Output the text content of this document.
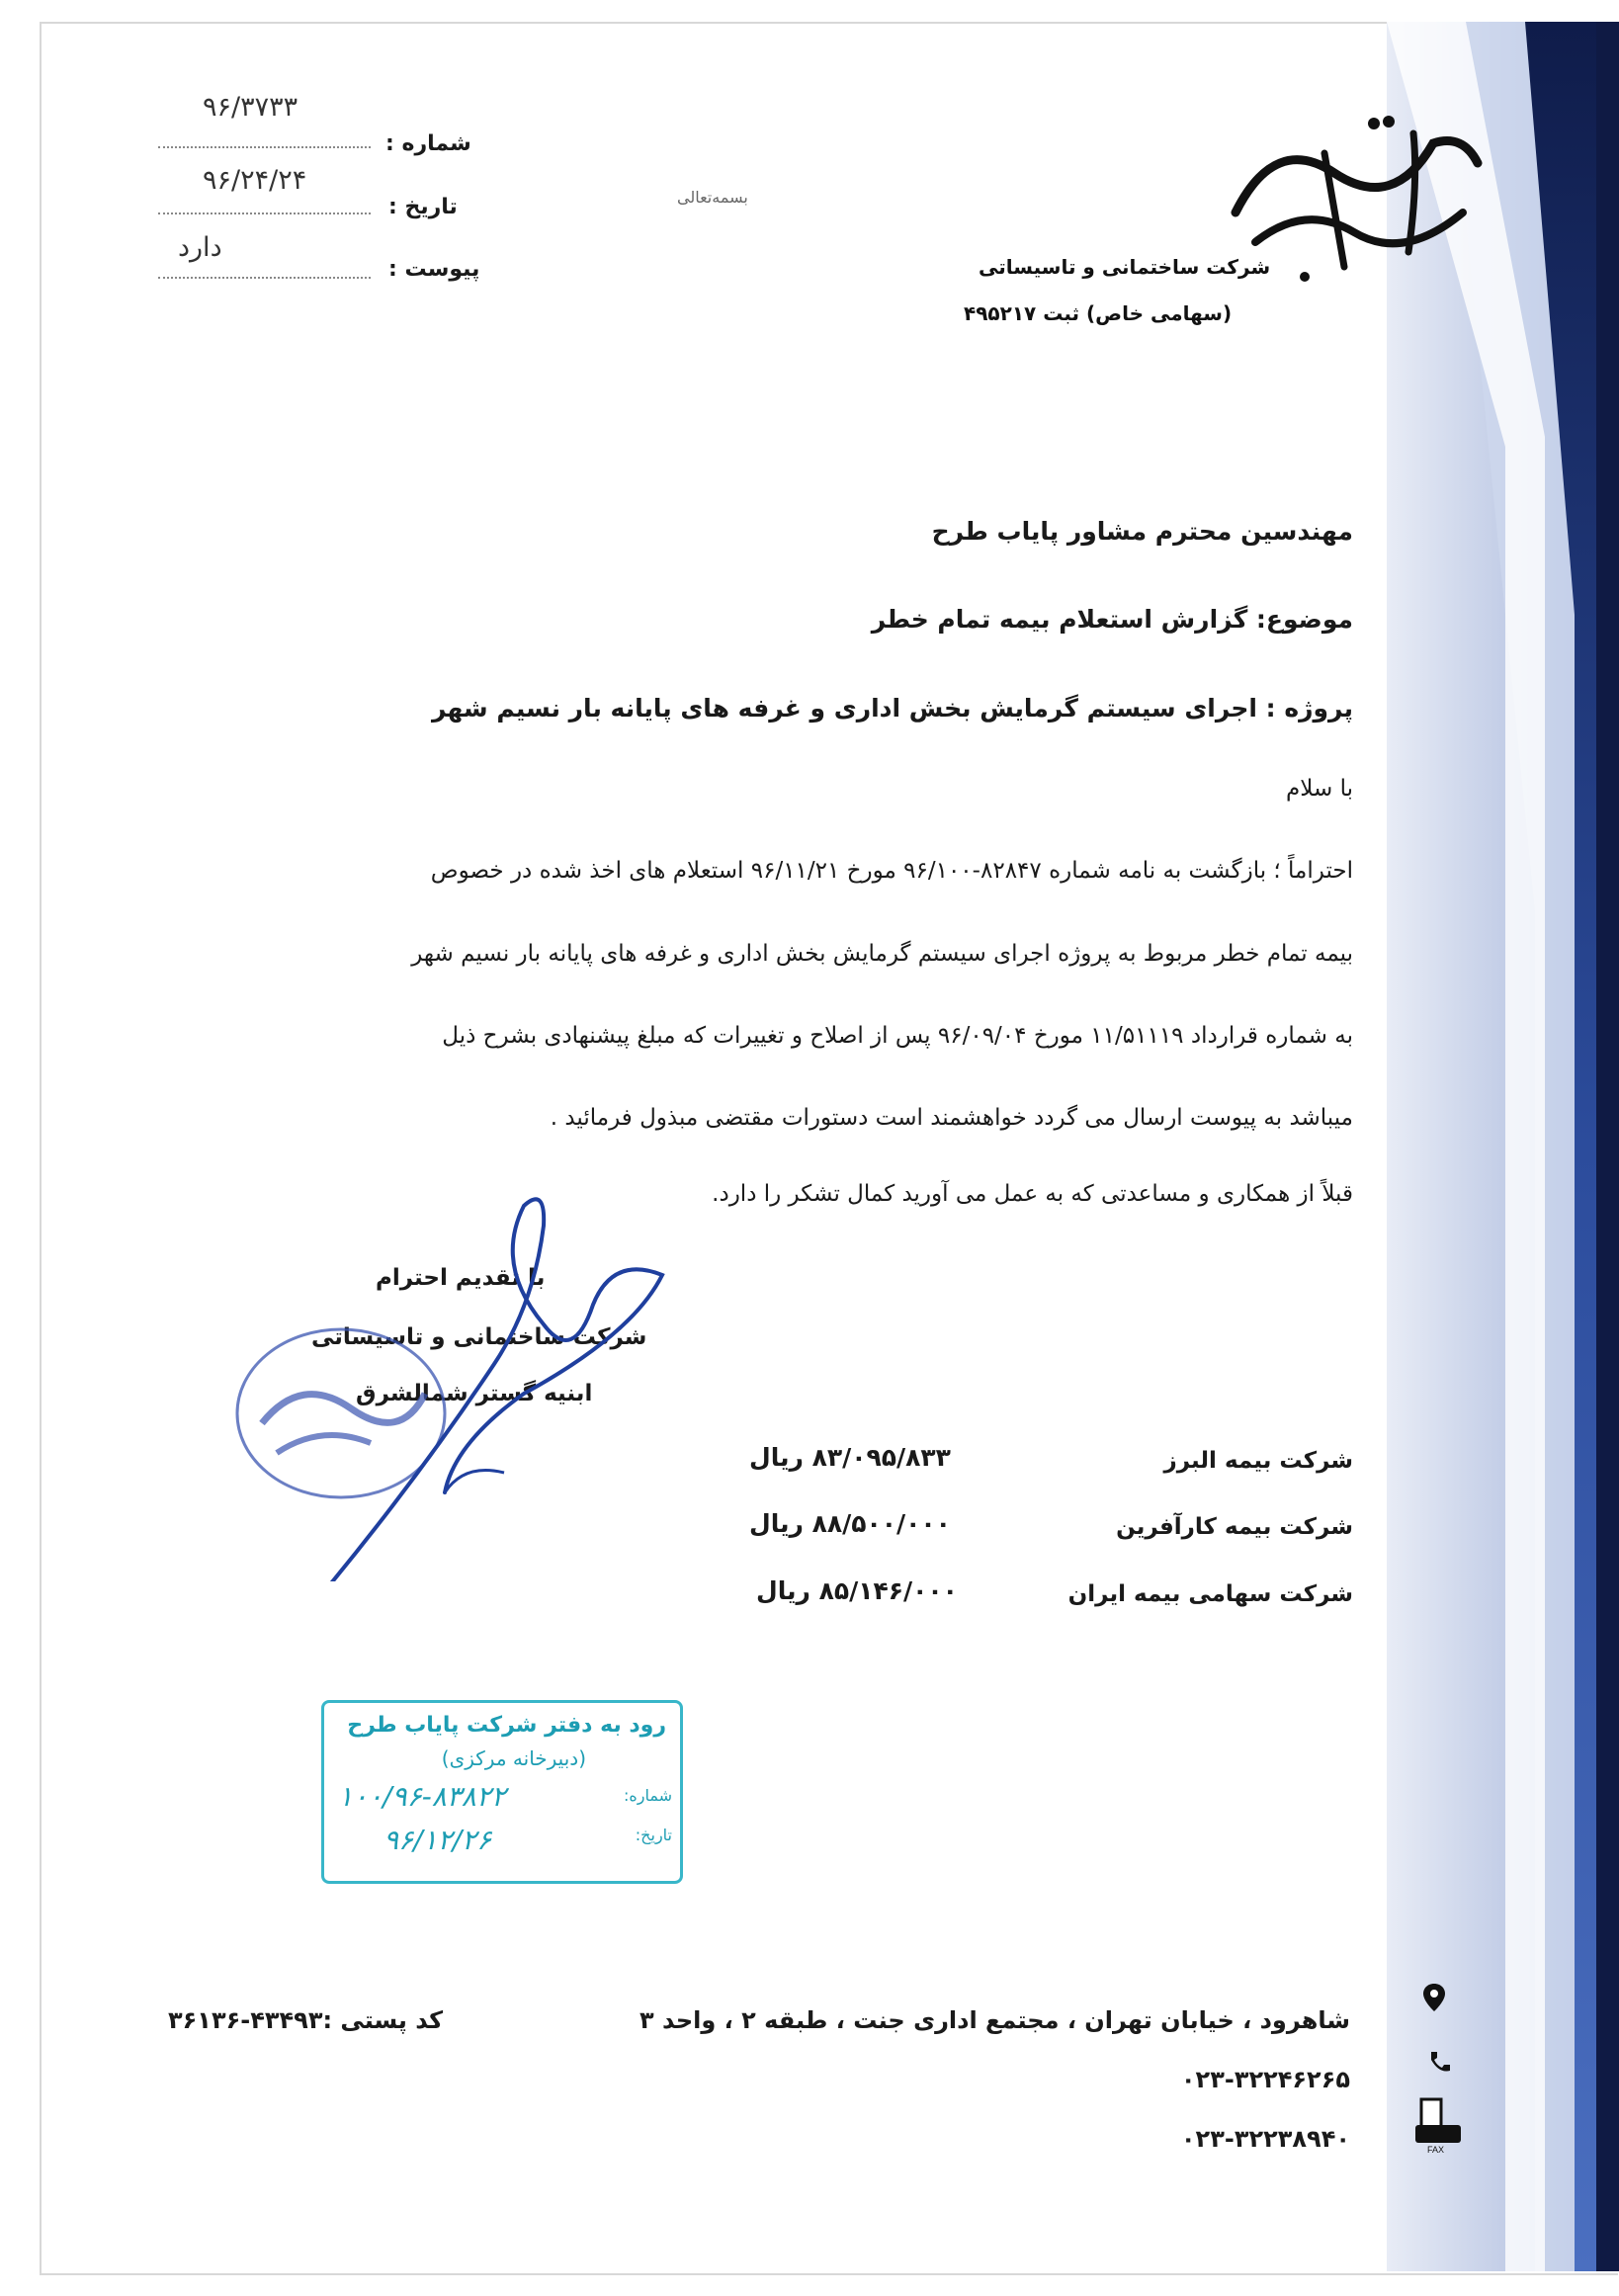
۹۶/۳۷۳۳
شماره :
۹۶/۲۴/۲۴
تاریخ :
دارد
پیوست :
بسمه‌تعالی
شرکت ساختمانی و تاسیساتی
(سهامی خاص) ثبت ۴۹۵۲۱۷
مهندسین محترم مشاور پایاب طرح
موضوع: گزارش استعلام بیمه تمام خطر
پروژه : اجرای سیستم گرمایش بخش اداری و غرفه های پایانه بار نسیم شهر
با سلام
احتراماً ؛ بازگشت به نامه شماره ۸۲۸۴۷-۹۶/۱۰۰ مورخ ۹۶/۱۱/۲۱ استعلام های اخذ شده در خصوص
بیمه تمام خطر مربوط به پروژه اجرای سیستم گرمایش بخش اداری و غرفه های پایانه بار نسیم شهر
به شماره قرارداد ۱۱/۵۱۱۱۹ مورخ ۹۶/۰۹/۰۴ پس از اصلاح و تغییرات که مبلغ پیشنهادی بشرح ذیل
میباشد به پیوست ارسال می گردد خواهشمند است دستورات مقتضی مبذول فرمائید .
قبلاً از همکاری و مساعدتی که به عمل می آورید کمال تشکر را دارد.
با تقدیم احترام
شرکت ساختمانی و تاسیساتی
ابنیه گستر شمالشرق
شرکت بیمه البرز
۸۳/۰۹۵/۸۳۳ ریال
شرکت بیمه کارآفرین
۸۸/۵۰۰/۰۰۰ ریال
شرکت سهامی بیمه ایران
۸۵/۱۴۶/۰۰۰ ریال
رود به دفتر شرکت پایاب طرح
(دبیرخانه مرکزی)
شماره:
۱۰۰/۹۶-۸۳۸۲۲
تاریخ:
۹۶/۱۲/۲۶
شاهرود ، خیابان تهران ، مجتمع اداری جنت ، طبقه ۲ ، واحد ۳
کد پستی :۴۳۴۹۳-۳۶۱۳۶
۰۲۳-۳۲۲۴۶۲۶۵
FAX
۰۲۳-۳۲۲۳۸۹۴۰
